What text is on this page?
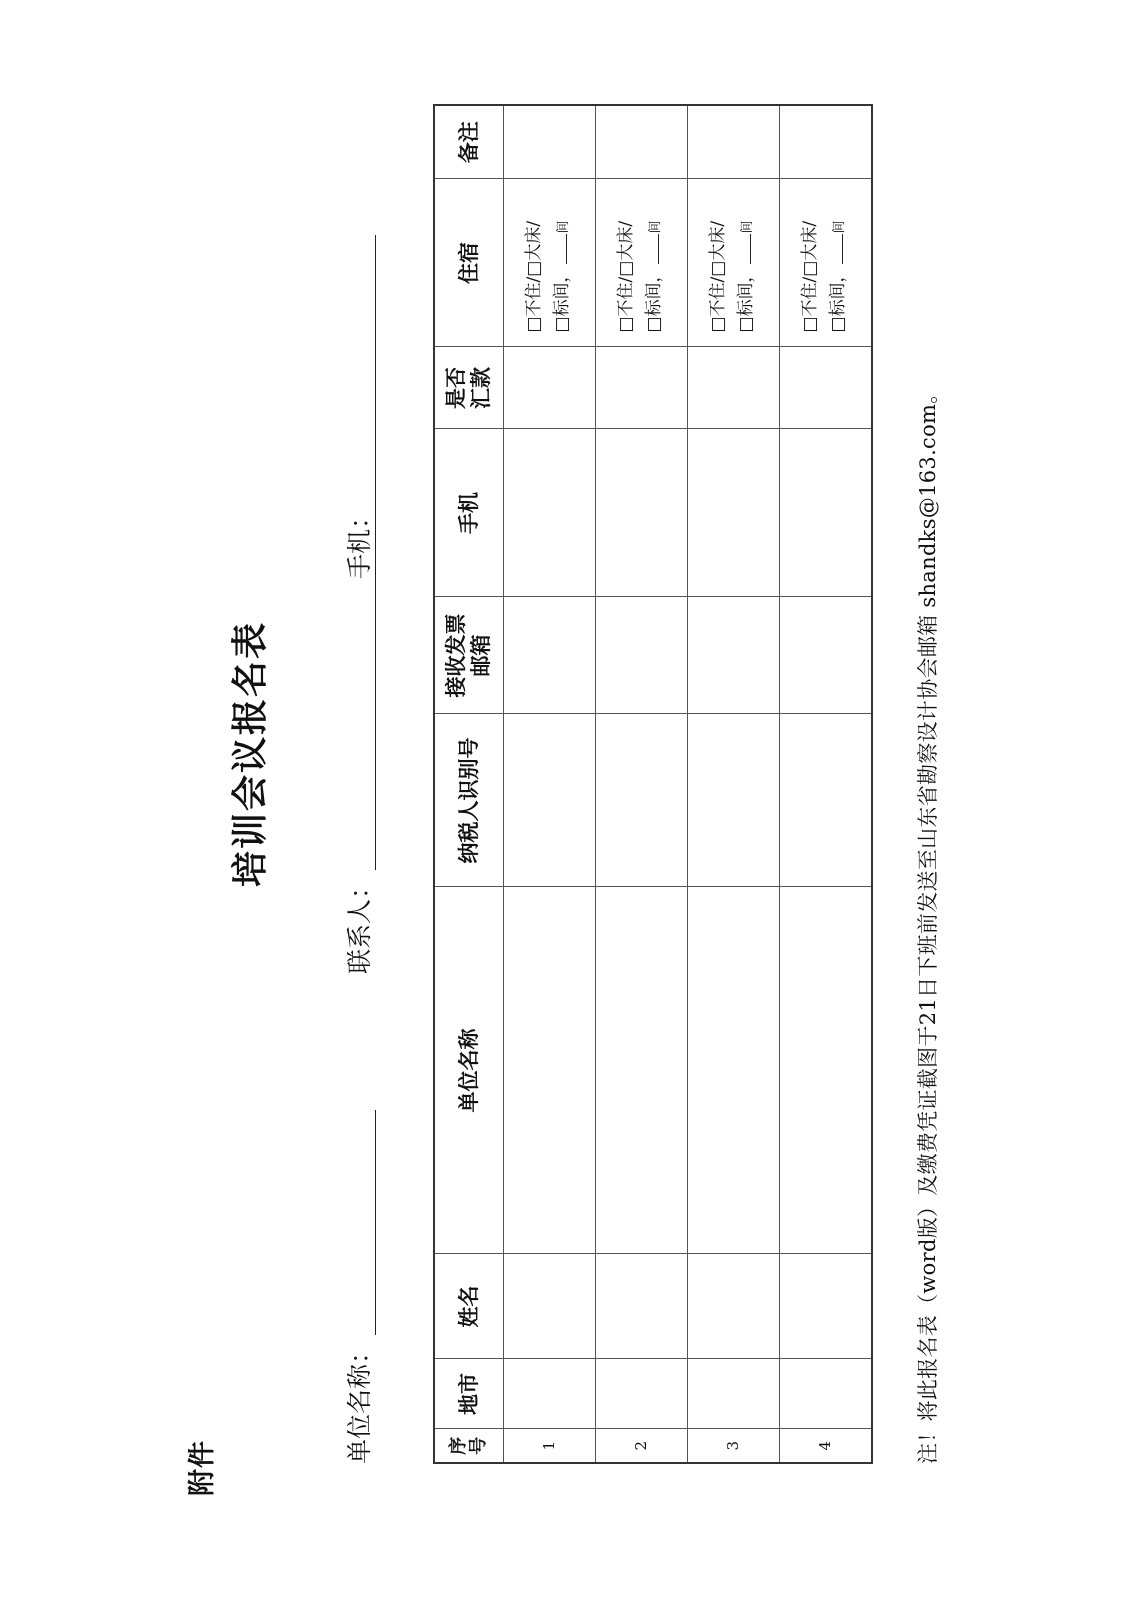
附件
培训会议报名表
单位名称：
联系人：
手机：
序号	地市	姓名	单位名称	纳税人识别号	接收发票邮箱	手机	是否汇款	住宿	备注
1								□不住/□大床/ □标间，间	

2								□不住/□大床/ □标间，间	

3								□不住/□大床/ □标间，间	

4								□不住/□大床/ □标间，间	

注！将此报名表（word版）及缴费凭证截图于21日下班前发送至山东省勘察设计协会邮箱 shandks@163.com。
